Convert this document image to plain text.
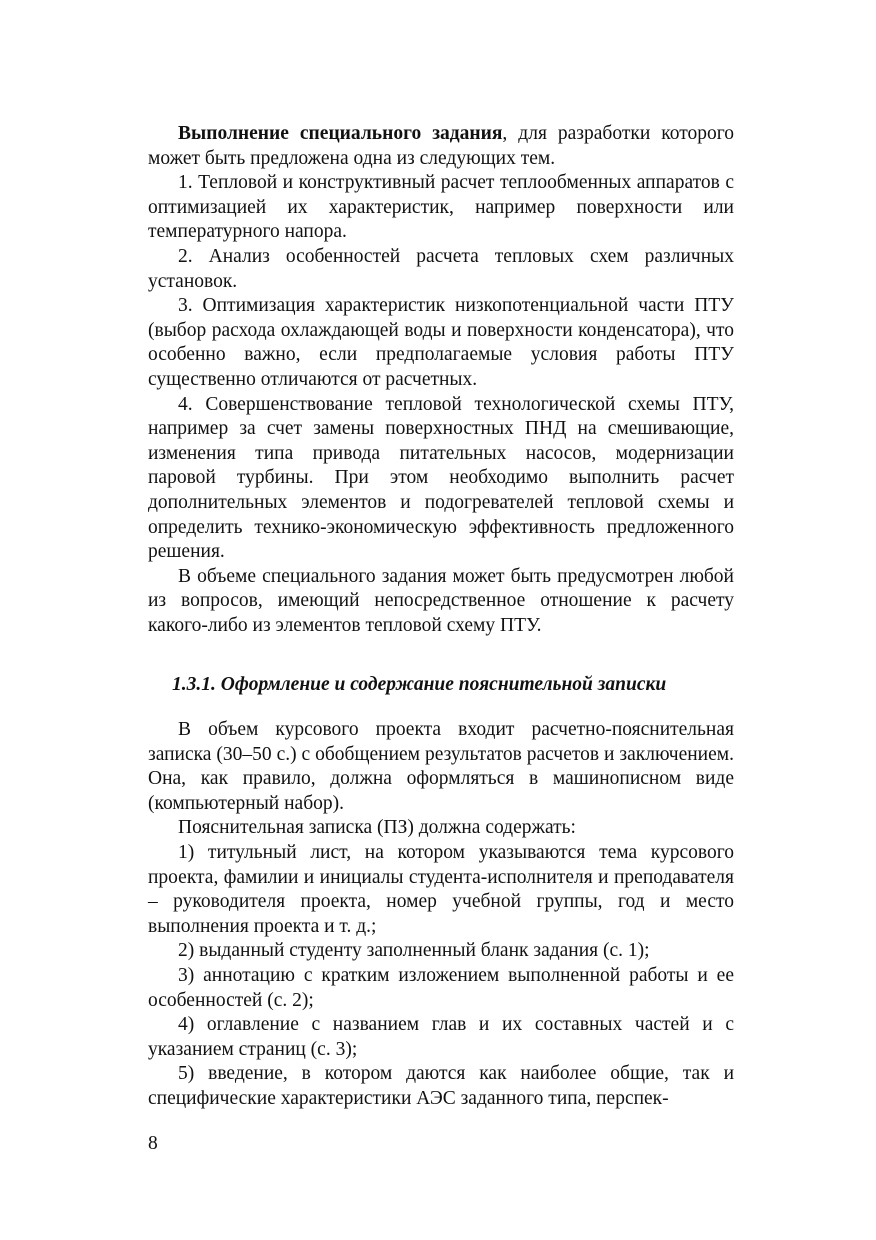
Выполнение специального задания, для разработки которого может быть предложена одна из следующих тем.

1. Тепловой и конструктивный расчет теплообменных аппаратов с оптимизацией их характеристик, например поверхности или температурного напора.

2. Анализ особенностей расчета тепловых схем различных установок.

3. Оптимизация характеристик низкопотенциальной части ПТУ (выбор расхода охлаждающей воды и поверхности конденсатора), что особенно важно, если предполагаемые условия работы ПТУ существенно отличаются от расчетных.

4. Совершенствование тепловой технологической схемы ПТУ, например за счет замены поверхностных ПНД на смешивающие, изменения типа привода питательных насосов, модернизации паровой турбины. При этом необходимо выполнить расчет дополнительных элементов и подогревателей тепловой схемы и определить технико-экономическую эффективность предложенного решения.

В объеме специального задания может быть предусмотрен любой из вопросов, имеющий непосредственное отношение к расчету какого-либо из элементов тепловой схему ПТУ.

1.3.1. Оформление и содержание пояснительной записки

В объем курсового проекта входит расчетно-пояснительная записка (30–50 с.) с обобщением результатов расчетов и заключением. Она, как правило, должна оформляться в машинописном виде (компьютерный набор).

Пояснительная записка (ПЗ) должна содержать:

1) титульный лист, на котором указываются тема курсового проекта, фамилии и инициалы студента-исполнителя и преподавателя – руководителя проекта, номер учебной группы, год и место выполнения проекта и т. д.;

2) выданный студенту заполненный бланк задания (с. 1);

3) аннотацию с кратким изложением выполненной работы и ее особенностей (с. 2);

4) оглавление с названием глав и их составных частей и с указанием страниц (с. 3);

5) введение, в котором даются как наиболее общие, так и специфические характеристики АЭС заданного типа, перспек-

8
